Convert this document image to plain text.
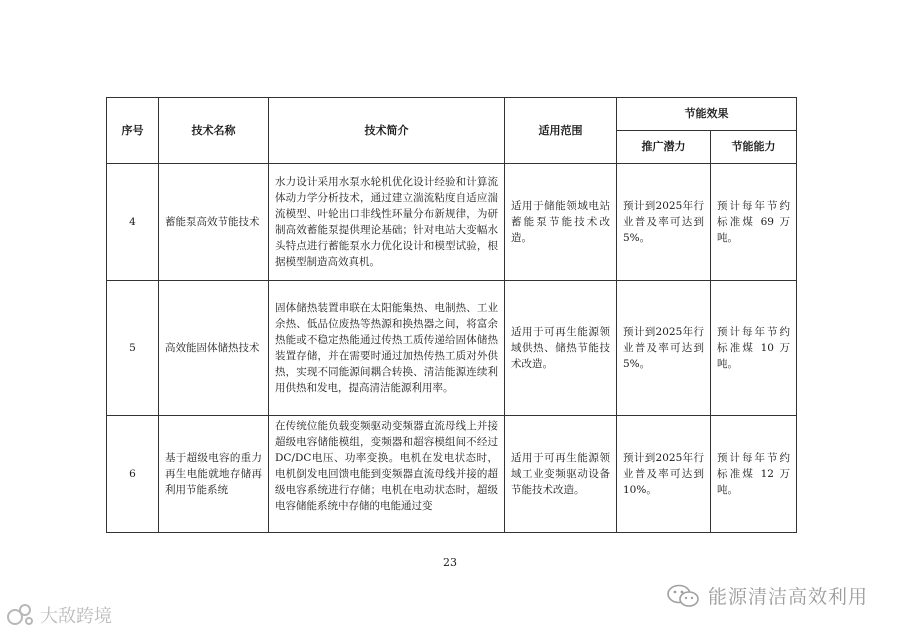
序号	技术名称	技术简介	适用范围	节能效果	
				推广潜力	节能能力
4	蓄能泵高效节能技术	水力设计采用水泵水轮机优化设计经验和计算流体动力学分析技术，通过建立湍流粘度自适应湍流模型、叶轮出口非线性环量分布新规律，为研制高效蓄能泵提供理论基础；针对电站大变幅水头特点进行蓄能泵水力优化设计和模型试验，根据模型制造高效真机。	适用于储能领域电站蓄能泵节能技术改造。	预计到2025年行业普及率可达到5%。	预计每年节约标准煤 69 万吨。
5	高效能固体储热技术	固体储热装置串联在太阳能集热、电制热、工业余热、低品位废热等热源和换热器之间，将富余热能或不稳定热能通过传热工质传递给固体储热装置存储，并在需要时通过加热传热工质对外供热，实现不同能源间耦合转换、清洁能源连续利用供热和发电，提高清洁能源利用率。	适用于可再生能源领域供热、储热节能技术改造。	预计到2025年行业普及率可达到5%。	预计每年节约标准煤 10 万吨。
6	基于超级电容的重力再生电能就地存储再利用节能系统	在传统位能负载变频驱动变频器直流母线上并接超级电容储能模组，变频器和超容模组间不经过DC/DC电压、功率变换。电机在发电状态时，电机倒发电回馈电能到变频器直流母线并接的超级电容系统进行存储；电机在电动状态时，超级电容储能系统中存储的电能通过变	适用于可再生能源领域工业变频驱动设备节能技术改造。	预计到2025年行业普及率可达到10%。	预计每年节约标准煤 12 万吨。
23
能源清洁高效利用
大敌跨境
